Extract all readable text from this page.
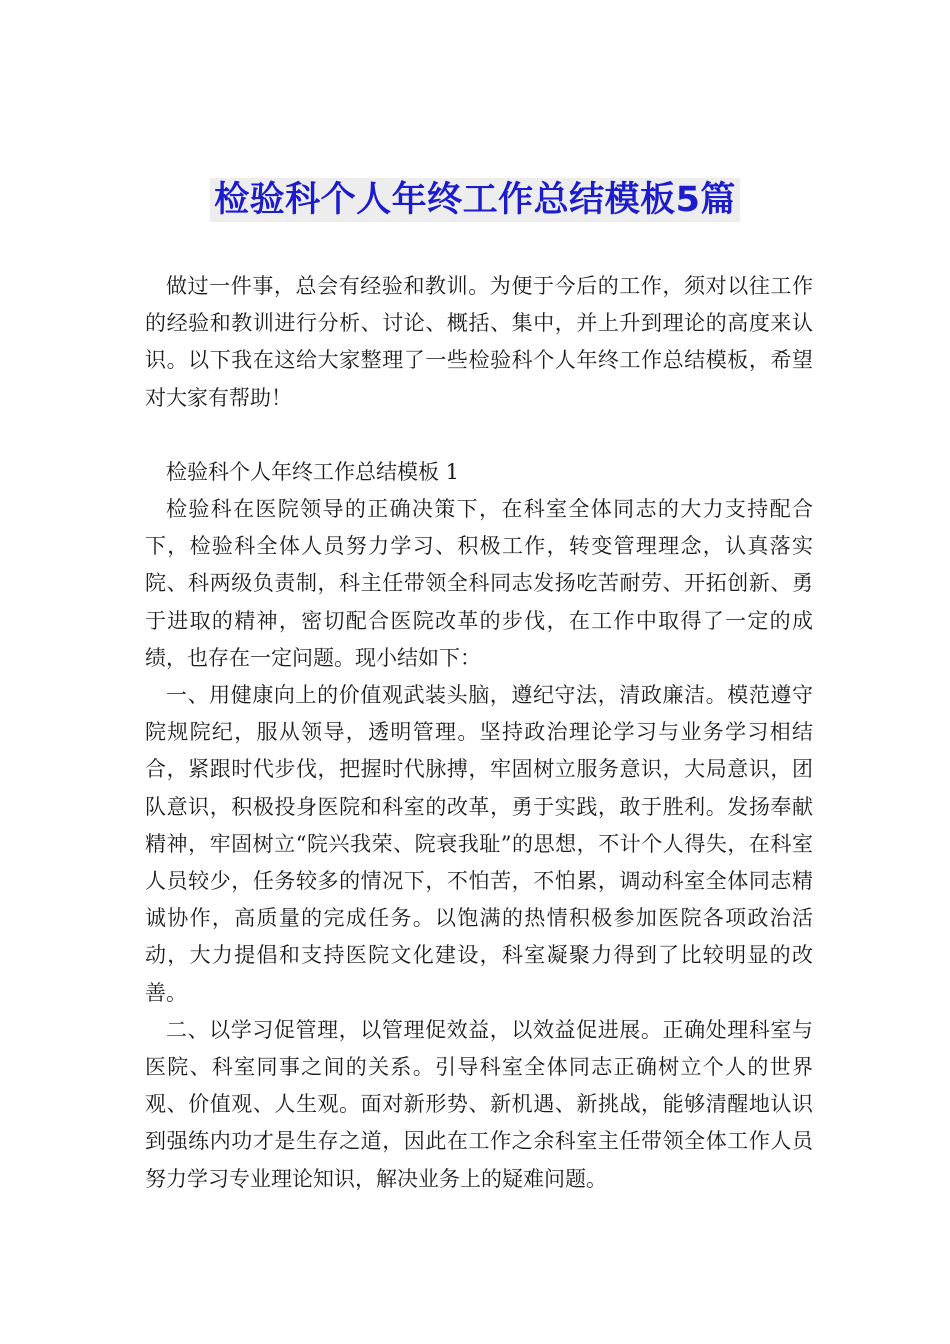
检验科个人年终工作总结模板5篇

做过一件事，总会有经验和教训。为便于今后的工作，须对以往工作的经验和教训进行分析、讨论、概括、集中，并上升到理论的高度来认识。以下我在这给大家整理了一些检验科个人年终工作总结模板，希望对大家有帮助！

检验科个人年终工作总结模板 1

检验科在医院领导的正确决策下，在科室全体同志的大力支持配合下，检验科全体人员努力学习、积极工作，转变管理理念，认真落实院、科两级负责制，科主任带领全科同志发扬吃苦耐劳、开拓创新、勇于进取的精神，密切配合医院改革的步伐，在工作中取得了一定的成绩，也存在一定问题。现小结如下：

一、用健康向上的价值观武装头脑，遵纪守法，清政廉洁。模范遵守院规院纪，服从领导，透明管理。坚持政治理论学习与业务学习相结合，紧跟时代步伐，把握时代脉搏，牢固树立服务意识，大局意识，团队意识，积极投身医院和科室的改革，勇于实践，敢于胜利。发扬奉献精神，牢固树立“院兴我荣、院衰我耻”的思想，不计个人得失，在科室人员较少，任务较多的情况下，不怕苦，不怕累，调动科室全体同志精诚协作，高质量的完成任务。以饱满的热情积极参加医院各项政治活动，大力提倡和支持医院文化建设，科室凝聚力得到了比较明显的改善。

二、以学习促管理，以管理促效益，以效益促进展。正确处理科室与医院、科室同事之间的关系。引导科室全体同志正确树立个人的世界观、价值观、人生观。面对新形势、新机遇、新挑战，能够清醒地认识到强练内功才是生存之道，因此在工作之余科室主任带领全体工作人员努力学习专业理论知识，解决业务上的疑难问题。
